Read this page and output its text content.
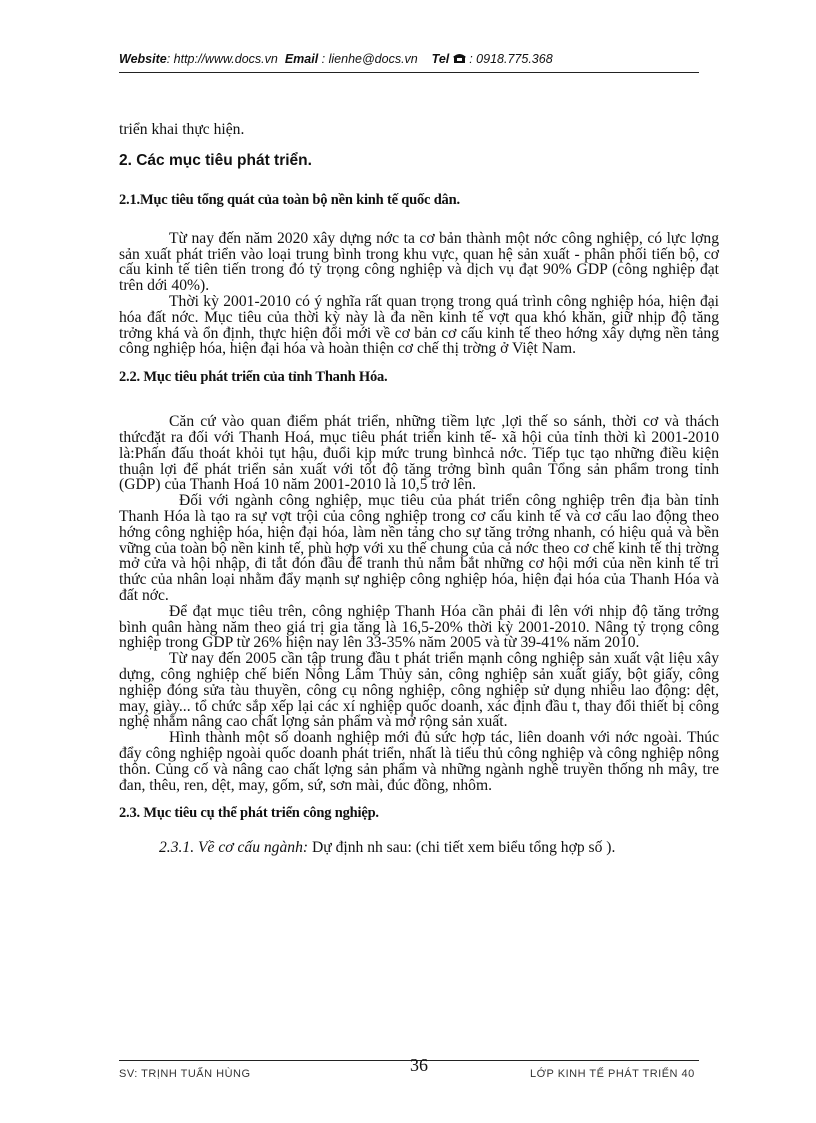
Website: http://www.docs.vn Email : lienhe@docs.vn Tel : 0918.775.368

triển khai thực hiện.

2. Các mục tiêu phát triển.
2.1.Mục tiêu tổng quát của toàn bộ nền kinh tế quốc dân.

Từ nay đến năm 2020 xây dựng nớc ta cơ bản thành một nớc công nghiệp, có lực lợng sản xuất phát triển vào loại trung bình trong khu vực, quan hệ sản xuất - phân phối tiến bộ, cơ cấu kinh tế tiên tiến trong đó tỷ trọng công nghiệp và dịch vụ đạt 90% GDP (công nghiệp đạt trên dới 40%).

Thời kỳ 2001-2010 có ý nghĩa rất quan trọng trong quá trình công nghiệp hóa, hiện đại hóa đất nớc. Mục tiêu của thời kỳ này là đa nền kinh tế vợt qua khó khăn, giữ nhịp độ tăng trởng khá và ổn định, thực hiện đổi mới về cơ bản cơ cấu kinh tế theo hớng xây dựng nền tảng công nghiệp hóa, hiện đại hóa và hoàn thiện cơ chế thị trờng ở Việt Nam.

2.2. Mục tiêu phát triển của tỉnh Thanh Hóa.

Căn cứ vào quan điểm phát triển, những tiềm lực ,lợi thế so sánh, thời cơ và thách thứcđặt ra đối với Thanh Hoá, mục tiêu phát triển kinh tế- xã hội của tỉnh thời kì 2001-2010 là:Phấn đấu thoát khỏi tụt hậu, đuổi kịp mức trung bìnhcả nớc. Tiếp tục tạo những điều kiện thuận lợi để phát triển sản xuất với tốt độ tăng trởng bình quân Tổng sản phẩm trong tỉnh (GDP) của Thanh Hoá 10 năm 2001-2010 là 10,5 trở lên.

Đối với ngành công nghiệp, mục tiêu của phát triển công nghiệp trên địa bàn tỉnh Thanh Hóa là tạo ra sự vợt trội của công nghiệp trong cơ cấu kinh tế và cơ cấu lao động theo hớng công nghiệp hóa, hiện đại hóa, làm nền tảng cho sự tăng trởng nhanh, có hiệu quả và bền vững của toàn bộ nền kinh tế, phù hợp với xu thế chung của cả nớc theo cơ chế kinh tế thị trờng mở cửa và hội nhập, đi tắt đón đầu để tranh thủ nắm bắt những cơ hội mới của nền kinh tế tri thức của nhân loại nhằm đẩy mạnh sự nghiệp công nghiệp hóa, hiện đại hóa của Thanh Hóa và đất nớc.

Để đạt mục tiêu trên, công nghiệp Thanh Hóa cần phải đi lên với nhịp độ tăng trởng bình quân hàng năm theo giá trị gia tăng là 16,5-20% thời kỳ 2001-2010. Nâng tỷ trọng công nghiệp trong GDP từ 26% hiện nay lên 33-35% năm 2005 và từ 39-41% năm 2010.

Từ nay đến 2005 cần tập trung đầu t phát triển mạnh công nghiệp sản xuất vật liệu xây dựng, công nghiệp chế biến Nông Lâm Thủy sản, công nghiệp sản xuất giấy, bột giấy, công nghiệp đóng sửa tàu thuyền, công cụ nông nghiệp, công nghiệp sử dụng nhiều lao động: dệt, may, giày... tổ chức sắp xếp lại các xí nghiệp quốc doanh, xác định đầu t, thay đổi thiết bị công nghệ nhằm nâng cao chất lợng sản phẩm và mở rộng sản xuất.

Hình thành một số doanh nghiệp mới đủ sức hợp tác, liên doanh với nớc ngoài. Thúc đẩy công nghiệp ngoài quốc doanh phát triển, nhất là tiểu thủ công nghiệp và công nghiệp nông thôn. Củng cố và nâng cao chất lợng sản phẩm và những ngành nghề truyền thống nh mây, tre đan, thêu, ren, dệt, may, gốm, sứ, sơn mài, đúc đồng, nhôm.

2.3. Mục tiêu cụ thể phát triển công nghiệp.
2.3.1. Về cơ cấu ngành: Dự định nh sau: (chi tiết xem biểu tổng hợp số ).
SV: TRỊNH TUẤN HÙNG	36	LỚP KINH TẾ PHÁT TRIỂN 40
